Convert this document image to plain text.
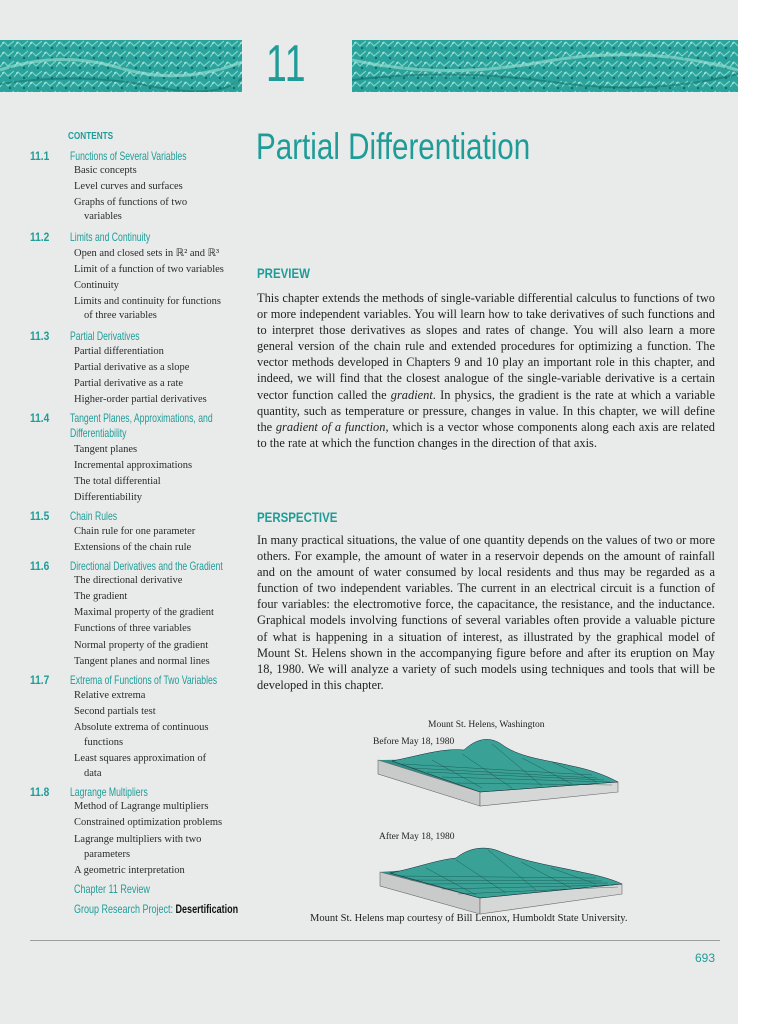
11
Partial Differentiation
CONTENTS
11.1 Functions of Several Variables
Basic concepts
Level curves and surfaces
Graphs of functions of two
variables
11.2 Limits and Continuity
Open and closed sets in ℝ² and ℝ³
Limit of a function of two variables
Continuity
Limits and continuity for functions
of three variables
11.3 Partial Derivatives
Partial differentiation
Partial derivative as a slope
Partial derivative as a rate
Higher-order partial derivatives
11.4 Tangent Planes, Approximations, and
Differentiability
Tangent planes
Incremental approximations
The total differential
Differentiability
11.5 Chain Rules
Chain rule for one parameter
Extensions of the chain rule
11.6 Directional Derivatives and the Gradient
The directional derivative
The gradient
Maximal property of the gradient
Functions of three variables
Normal property of the gradient
Tangent planes and normal lines
11.7 Extrema of Functions of Two Variables
Relative extrema
Second partials test
Absolute extrema of continuous
functions
Least squares approximation of
data
11.8 Lagrange Multipliers
Method of Lagrange multipliers
Constrained optimization problems
Lagrange multipliers with two
parameters
A geometric interpretation
Chapter 11 Review
Group Research Project: Desertification
PREVIEW
This chapter extends the methods of single-variable differential calculus to functions of two or more independent variables. You will learn how to take derivatives of such functions and to interpret those derivatives as slopes and rates of change. You will also learn a more general version of the chain rule and extended procedures for optimizing a function. The vector methods developed in Chapters 9 and 10 play an important role in this chapter, and indeed, we will find that the closest analogue of the single-variable derivative is a certain vector function called the gradient. In physics, the gradient is the rate at which a variable quantity, such as temperature or pressure, changes in value. In this chapter, we will define the gradient of a function, which is a vector whose components along each axis are related to the rate at which the function changes in the direction of that axis.
PERSPECTIVE
In many practical situations, the value of one quantity depends on the values of two or more others. For example, the amount of water in a reservoir depends on the amount of rainfall and on the amount of water consumed by local residents and thus may be regarded as a function of two independent variables. The current in an electrical circuit is a function of four variables: the electromotive force, the capacitance, the resistance, and the inductance. Graphical models involving functions of several variables often provide a valuable picture of what is happening in a situation of interest, as illustrated by the graphical model of Mount St. Helens shown in the accompanying figure before and after its eruption on May 18, 1980. We will analyze a variety of such models using techniques and tools that will be developed in this chapter.
Mount St. Helens, Washington
Before May 18, 1980
After May 18, 1980
Mount St. Helens map courtesy of Bill Lennox, Humboldt State University.
693
